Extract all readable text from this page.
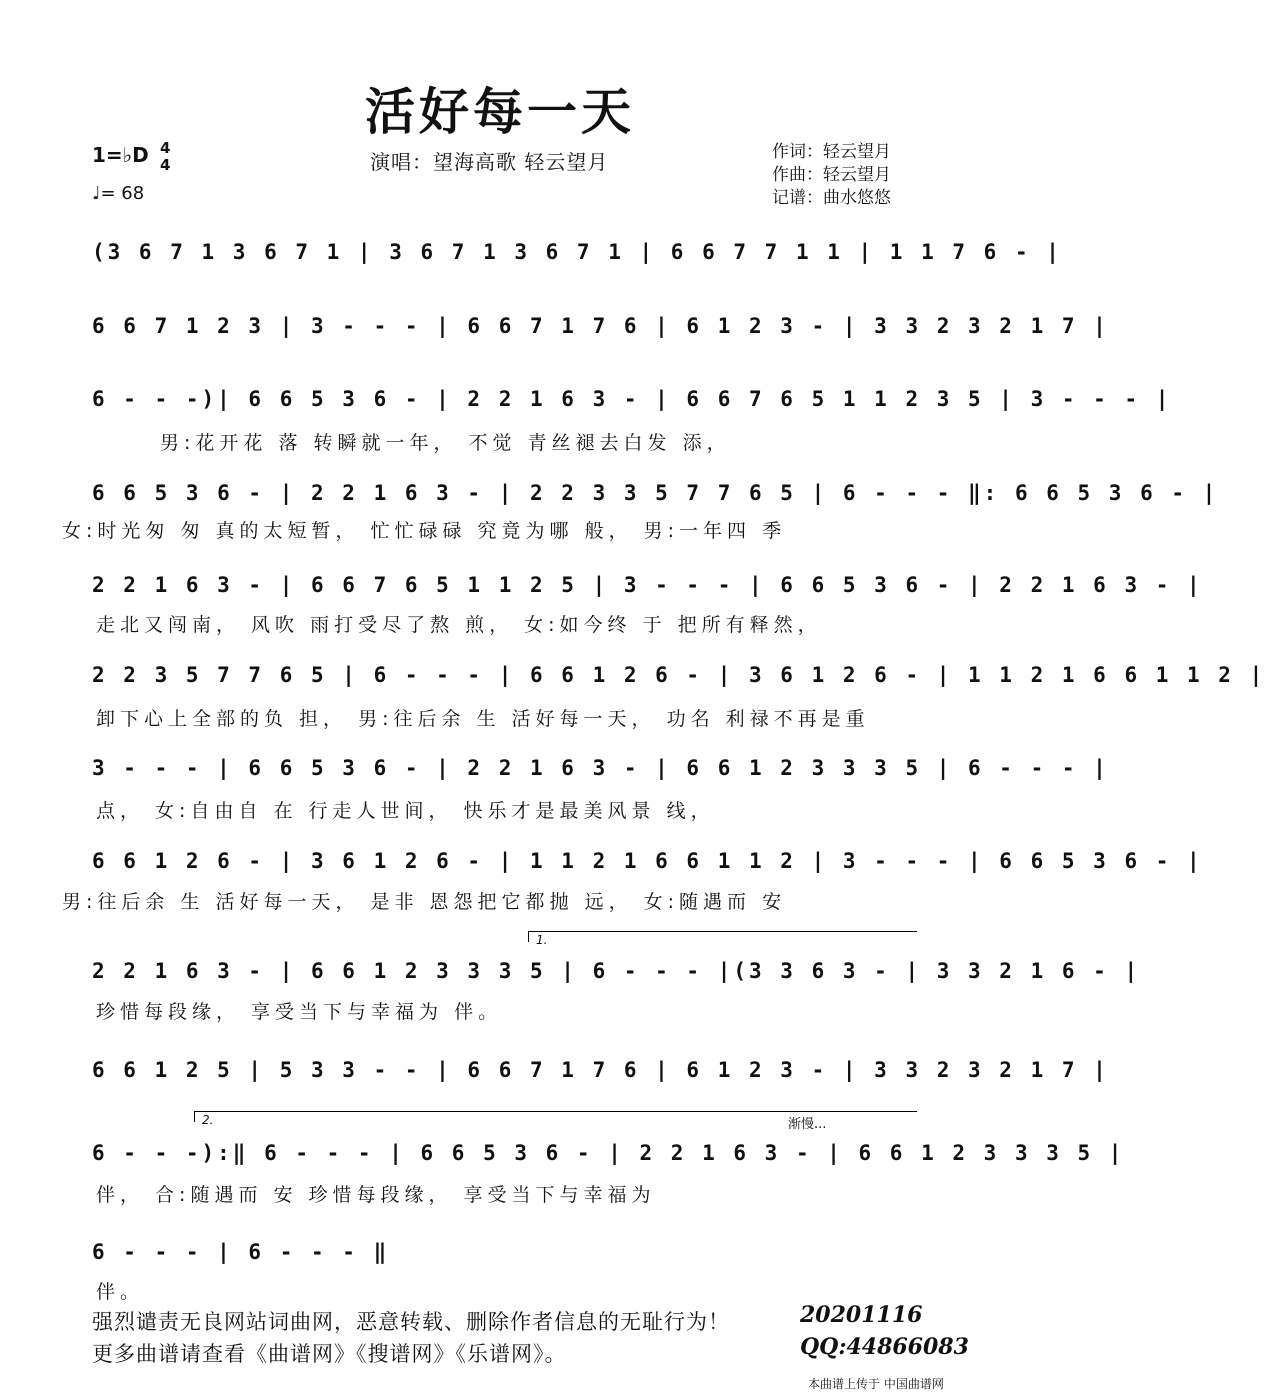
活好每一天
1=♭D 4
4
♩= 68
演唱：望海高歌 轻云望月	作词：轻云望月
作曲：轻云望月
记谱：曲水悠悠
(3 6 7 1 3 6 7 1 | 3 6 7 1 3 6 7 1 | 6 6 7 7 1 1 | 1 1 7 6 - |
6 6 7 1 2 3 | 3 - - - | 6 6 7 1 7 6 | 6 1 2 3 - | 3 3 2 3 2 1 7 |
6 - - -)| 6 6 5 3 6 - | 2 2 1 6 3 - | 6 6 7 6 5 1 1 2 3 5 | 3 - - - |
男:花开花 落 转瞬就一年， 不觉 青丝褪去白发 添，
6 6 5 3 6 - | 2 2 1 6 3 - | 2 2 3 3 5 7 7 6 5 | 6 - - - ‖: 6 6 5 3 6 - |
女:时光匆 匆 真的太短暂， 忙忙碌碌 究竟为哪 般， 男:一年四 季
2 2 1 6 3 - | 6 6 7 6 5 1 1 2 5 | 3 - - - | 6 6 5 3 6 - | 2 2 1 6 3 - |
走北又闯南， 风吹 雨打受尽了熬 煎， 女:如今终 于 把所有释然，
2 2 3 5 7 7 6 5 | 6 - - - | 6 6 1 2 6 - | 3 6 1 2 6 - | 1 1 2 1 6 6 1 1 2 |
卸下心上全部的负 担， 男:往后余 生 活好每一天， 功名 利禄不再是重
3 - - - | 6 6 5 3 6 - | 2 2 1 6 3 - | 6 6 1 2 3 3 3 5 | 6 - - - |
点， 女:自由自 在 行走人世间， 快乐才是最美风景 线，
6 6 1 2 6 - | 3 6 1 2 6 - | 1 1 2 1 6 6 1 1 2 | 3 - - - | 6 6 5 3 6 - |
男:往后余 生 活好每一天， 是非 恩怨把它都抛 远， 女:随遇而 安
1.
2 2 1 6 3 - | 6 6 1 2 3 3 3 5 | 6 - - - |(3 3 6 3 - | 3 3 2 1 6 - |
珍惜每段缘， 享受当下与幸福为 伴。
6 6 1 2 5 | 5 3 3 - - | 6 6 7 1 7 6 | 6 1 2 3 - | 3 3 2 3 2 1 7 |
2.	渐慢...
6 - - -):‖ 6 - - - | 6 6 5 3 6 - | 2 2 1 6 3 - | 6 6 1 2 3 3 3 5 |
伴， 合:随遇而 安 珍惜每段缘， 享受当下与幸福为
6 - - - | 6 - - - ‖
伴。
强烈谴责无良网站词曲网，恶意转载、删除作者信息的无耻行为！
更多曲谱请查看《曲谱网》《搜谱网》《乐谱网》。
20201116
QQ:44866083
本曲谱上传于 中国曲谱网
